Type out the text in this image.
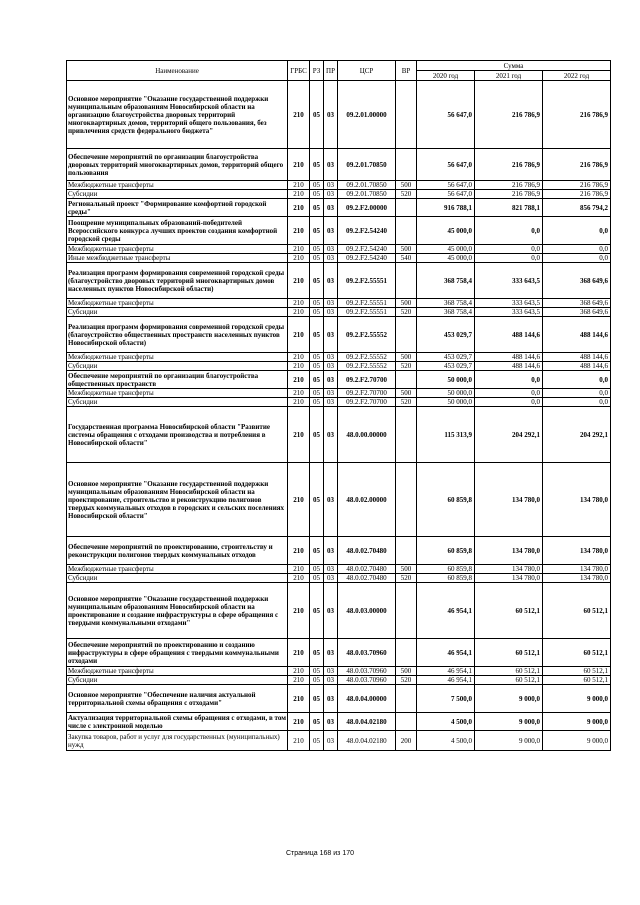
Наименование	ГРБС	РЗ	ПР	ЦСР	ВР	Сумма		
						2020 год	2021 год	2022 год
Основное мероприятие "Оказание государственной поддержки муниципальным образованиям Новосибирской области на организацию благоустройства дворовых территорий многоквартирных домов, территорий общего пользования, без привлечения средств федерального бюджета"	210	05	03	09.2.01.00000		56 647,0	216 786,9	216 786,9
Обеспечение мероприятий по организации благоустройства дворовых территорий многоквартирных домов, территорий общего пользования	210	05	03	09.2.01.70850		56 647,0	216 786,9	216 786,9
Межбюджетные трансферты	210	05	03	09.2.01.70850	500	56 647,0	216 786,9	216 786,9
Субсидии	210	05	03	09.2.01.70850	520	56 647,0	216 786,9	216 786,9
Региональный проект "Формирование комфортной городской среды"	210	05	03	09.2.F2.00000		916 788,1	821 788,1	856 794,2
Поощрение муниципальных образований-победителей Всероссийского конкурса лучших проектов создания комфортной городской среды	210	05	03	09.2.F2.54240		45 000,0	0,0	0,0
Межбюджетные трансферты	210	05	03	09.2.F2.54240	500	45 000,0	0,0	0,0
Иные межбюджетные трансферты	210	05	03	09.2.F2.54240	540	45 000,0	0,0	0,0
Реализация программ формирования современной городской среды (благоустройство дворовых территорий многоквартирных домов населенных пунктов Новосибирской области)	210	05	03	09.2.F2.55551		368 758,4	333 643,5	368 649,6
Межбюджетные трансферты	210	05	03	09.2.F2.55551	500	368 758,4	333 643,5	368 649,6
Субсидии	210	05	03	09.2.F2.55551	520	368 758,4	333 643,5	368 649,6
Реализация программ формирования современной городской среды (благоустройство общественных пространств населенных пунктов Новосибирской области)	210	05	03	09.2.F2.55552		453 029,7	488 144,6	488 144,6
Межбюджетные трансферты	210	05	03	09.2.F2.55552	500	453 029,7	488 144,6	488 144,6
Субсидии	210	05	03	09.2.F2.55552	520	453 029,7	488 144,6	488 144,6
Обеспечение мероприятий по организации благоустройства общественных пространств	210	05	03	09.2.F2.70700		50 000,0	0,0	0,0
Межбюджетные трансферты	210	05	03	09.2.F2.70700	500	50 000,0	0,0	0,0
Субсидии	210	05	03	09.2.F2.70700	520	50 000,0	0,0	0,0
Государственная программа Новосибирской области "Развитие системы обращения с отходами производства и потребления в Новосибирской области"	210	05	03	48.0.00.00000		115 313,9	204 292,1	204 292,1
Основное мероприятие "Оказание государственной поддержки муниципальным образованиям Новосибирской области на проектирование, строительство и реконструкцию полигонов твердых коммунальных отходов в городских и сельских поселениях Новосибирской области"	210	05	03	48.0.02.00000		60 859,8	134 780,0	134 780,0
Обеспечение мероприятий по проектированию, строительству и реконструкции полигонов твердых коммунальных отходов	210	05	03	48.0.02.70480		60 859,8	134 780,0	134 780,0
Межбюджетные трансферты	210	05	03	48.0.02.70480	500	60 859,8	134 780,0	134 780,0
Субсидии	210	05	03	48.0.02.70480	520	60 859,8	134 780,0	134 780,0
Основное мероприятие "Оказание государственной поддержки муниципальным образованиям Новосибирской области на проектирование и создание инфраструктуры в сфере обращения с твердыми коммунальными отходами"	210	05	03	48.0.03.00000		46 954,1	60 512,1	60 512,1
Обеспечение мероприятий по проектированию и созданию инфраструктуры в сфере обращения с твердыми коммунальными отходами	210	05	03	48.0.03.70960		46 954,1	60 512,1	60 512,1
Межбюджетные трансферты	210	05	03	48.0.03.70960	500	46 954,1	60 512,1	60 512,1
Субсидии	210	05	03	48.0.03.70960	520	46 954,1	60 512,1	60 512,1
Основное мероприятие "Обеспечение наличия актуальной территориальной схемы обращения с отходами"	210	05	03	48.0.04.00000		7 500,0	9 000,0	9 000,0
Актуализация территориальной схемы обращения с отходами, в том числе с электронной моделью	210	05	03	48.0.04.02180		4 500,0	9 000,0	9 000,0
Закупка товаров, работ и услуг для государственных (муниципальных) нужд	210	05	03	48.0.04.02180	200	4 500,0	9 000,0	9 000,0
Страница 168 из 170
